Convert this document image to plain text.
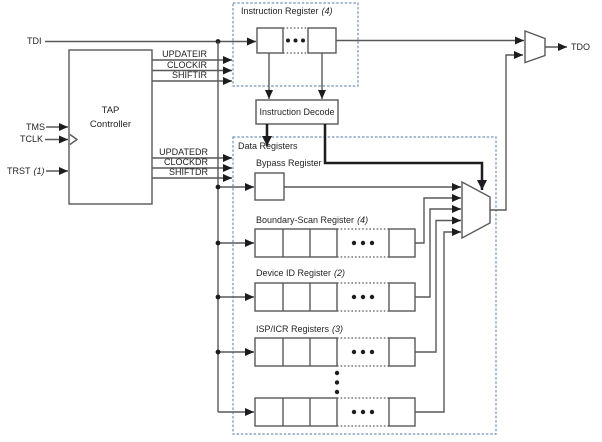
TDI
TMS
TCLK
TRST (1)
TAP
Controller
UPDATEIR
CLOCKIR
SHIFTIR
UPDATEDR
CLOCKDR
SHIFTDR
Instruction Register (4)
Instruction Decode
TDO
Data Registers
Bypass Register
Boundary-Scan Register (4)
Device ID Register (2)
ISP/ICR Registers (3)
